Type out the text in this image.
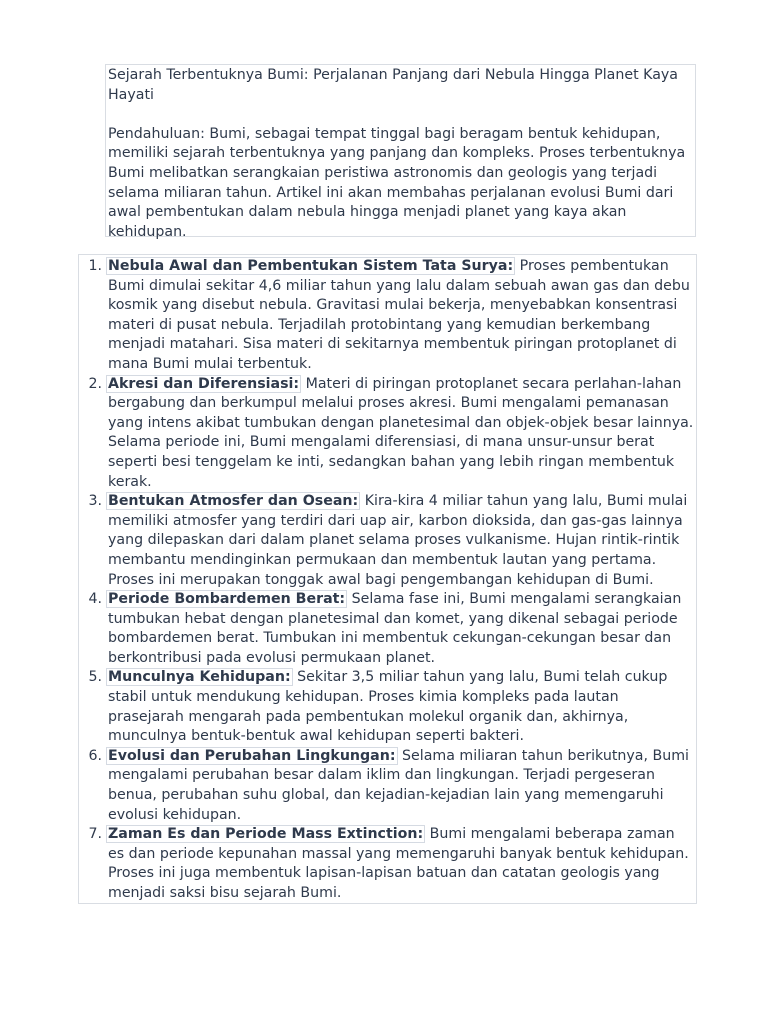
Sejarah Terbentuknya Bumi: Perjalanan Panjang dari Nebula Hingga Planet Kaya Hayati

Pendahuluan: Bumi, sebagai tempat tinggal bagi beragam bentuk kehidupan, memiliki sejarah terbentuknya yang panjang dan kompleks. Proses terbentuknya Bumi melibatkan serangkaian peristiwa astronomis dan geologis yang terjadi selama miliaran tahun. Artikel ini akan membahas perjalanan evolusi Bumi dari awal pembentukan dalam nebula hingga menjadi planet yang kaya akan kehidupan.

1. Nebula Awal dan Pembentukan Sistem Tata Surya: Proses pembentukan Bumi dimulai sekitar 4,6 miliar tahun yang lalu dalam sebuah awan gas dan debu kosmik yang disebut nebula. Gravitasi mulai bekerja, menyebabkan konsentrasi materi di pusat nebula. Terjadilah protobintang yang kemudian berkembang menjadi matahari. Sisa materi di sekitarnya membentuk piringan protoplanet di mana Bumi mulai terbentuk.
2. Akresi dan Diferensiasi: Materi di piringan protoplanet secara perlahan-lahan bergabung dan berkumpul melalui proses akresi. Bumi mengalami pemanasan yang intens akibat tumbukan dengan planetesimal dan objek-objek besar lainnya. Selama periode ini, Bumi mengalami diferensiasi, di mana unsur-unsur berat seperti besi tenggelam ke inti, sedangkan bahan yang lebih ringan membentuk kerak.
3. Bentukan Atmosfer dan Osean: Kira-kira 4 miliar tahun yang lalu, Bumi mulai memiliki atmosfer yang terdiri dari uap air, karbon dioksida, dan gas-gas lainnya yang dilepaskan dari dalam planet selama proses vulkanisme. Hujan rintik-rintik membantu mendinginkan permukaan dan membentuk lautan yang pertama. Proses ini merupakan tonggak awal bagi pengembangan kehidupan di Bumi.
4. Periode Bombardemen Berat: Selama fase ini, Bumi mengalami serangkaian tumbukan hebat dengan planetesimal dan komet, yang dikenal sebagai periode bombardemen berat. Tumbukan ini membentuk cekungan-cekungan besar dan berkontribusi pada evolusi permukaan planet.
5. Munculnya Kehidupan: Sekitar 3,5 miliar tahun yang lalu, Bumi telah cukup stabil untuk mendukung kehidupan. Proses kimia kompleks pada lautan prasejarah mengarah pada pembentukan molekul organik dan, akhirnya, munculnya bentuk-bentuk awal kehidupan seperti bakteri.
6. Evolusi dan Perubahan Lingkungan: Selama miliaran tahun berikutnya, Bumi mengalami perubahan besar dalam iklim dan lingkungan. Terjadi pergeseran benua, perubahan suhu global, dan kejadian-kejadian lain yang memengaruhi evolusi kehidupan.
7. Zaman Es dan Periode Mass Extinction: Bumi mengalami beberapa zaman es dan periode kepunahan massal yang memengaruhi banyak bentuk kehidupan. Proses ini juga membentuk lapisan-lapisan batuan dan catatan geologis yang menjadi saksi bisu sejarah Bumi.
